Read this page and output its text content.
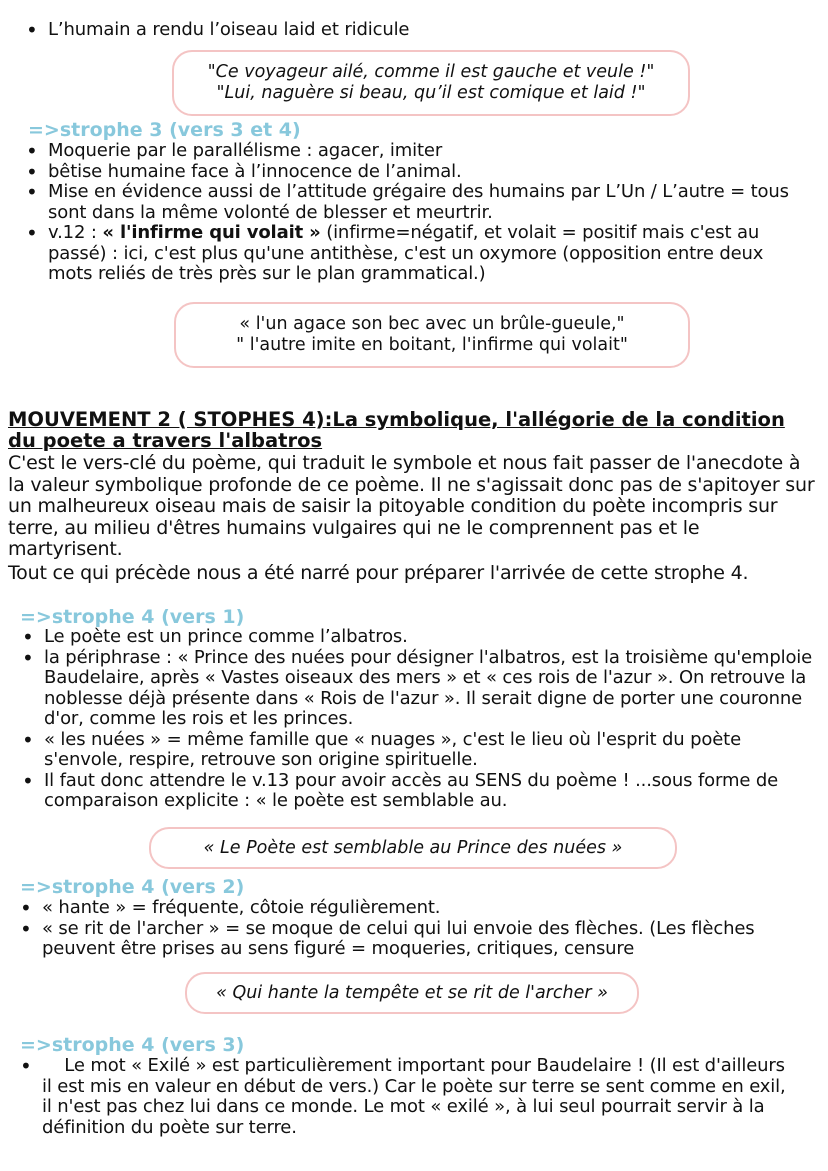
• L’humain a rendu l’oiseau laid et ridicule
"Ce voyageur ailé, comme il est gauche et veule !"
"Lui, naguère si beau, qu’il est comique et laid !"
=>strophe 3 (vers 3 et 4)
• Moquerie par le parallélisme : agacer, imiter
• bêtise humaine face à l’innocence de l’animal.
• Mise en évidence aussi de l’attitude grégaire des humains par L’Un / L’autre = tous sont dans la même volonté de blesser et meurtrir.
• v.12 : « l'infirme qui volait » (infirme=négatif, et volait = positif mais c'est au passé) : ici, c'est plus qu'une antithèse, c'est un oxymore (opposition entre deux mots reliés de très près sur le plan grammatical.)
« l'un agace son bec avec un brûle-gueule,"
" l'autre imite en boitant, l'infirme qui volait"
MOUVEMENT 2 ( STOPHES 4):La symbolique, l'allégorie de la condition du poete a travers l'albatros
C'est le vers-clé du poème, qui traduit le symbole et nous fait passer de l'anecdote à la valeur symbolique profonde de ce poème. Il ne s'agissait donc pas de s'apitoyer sur un malheureux oiseau mais de saisir la pitoyable condition du poète incompris sur terre, au milieu d'êtres humains vulgaires qui ne le comprennent pas et le martyrisent.
Tout ce qui précède nous a été narré pour préparer l'arrivée de cette strophe 4.
=>strophe 4 (vers 1)
• Le poète est un prince comme l’albatros.
• la périphrase : « Prince des nuées pour désigner l'albatros, est la troisième qu'emploie Baudelaire, après « Vastes oiseaux des mers » et « ces rois de l'azur ». On retrouve la noblesse déjà présente dans « Rois de l'azur ». Il serait digne de porter une couronne d'or, comme les rois et les princes.
• « les nuées » = même famille que « nuages », c'est le lieu où l'esprit du poète s'envole, respire, retrouve son origine spirituelle.
• Il faut donc attendre le v.13 pour avoir accès au SENS du poème ! ...sous forme de comparaison explicite : « le poète est semblable au.
« Le Poète est semblable au Prince des nuées »
=>strophe 4 (vers 2)
• « hante » = fréquente, côtoie régulièrement.
• « se rit de l'archer » = se moque de celui qui lui envoie des flèches. (Les flèches peuvent être prises au sens figuré = moqueries, critiques, censure
« Qui hante la tempête et se rit de l'archer »
=>strophe 4 (vers 3)
•     Le mot « Exilé » est particulièrement important pour Baudelaire ! (Il est d'ailleurs il est mis en valeur en début de vers.) Car le poète sur terre se sent comme en exil, il n'est pas chez lui dans ce monde. Le mot « exilé », à lui seul pourrait servir à la définition du poète sur terre.
